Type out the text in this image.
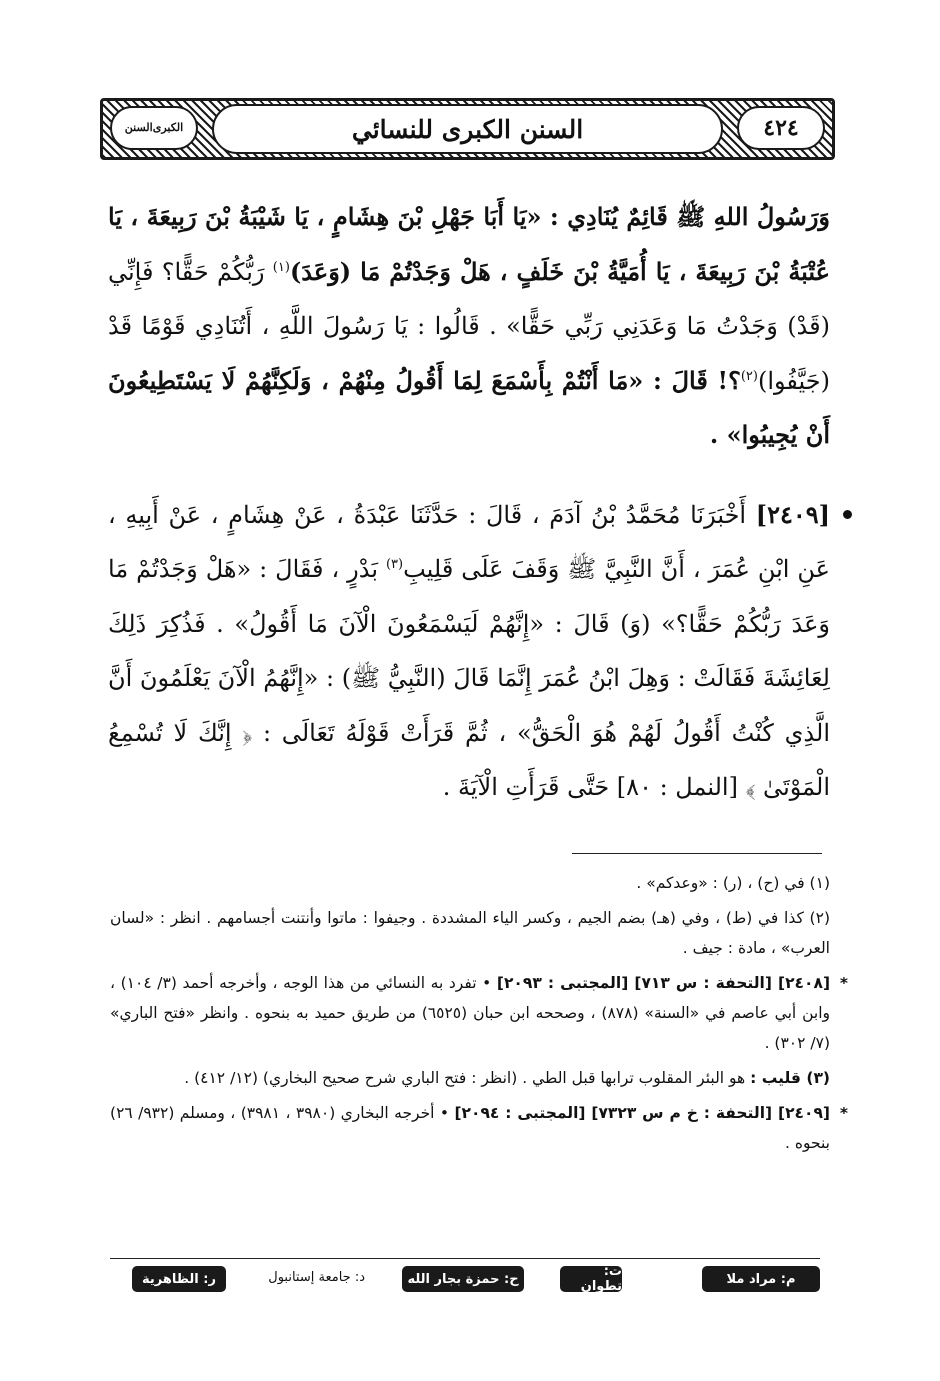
٤٢٤
السنن الكبرى للنسائي
السنن الكبرى

وَرَسُولُ اللهِ ﷺ قَائِمٌ يُنَادِي : «يَا أَبَا جَهْلِ بْنَ هِشَامٍ ، يَا شَيْبَةُ بْنَ رَبِيعَةَ ، يَا عُتْبَةُ بْنَ رَبِيعَةَ ، يَا أُمَيَّةُ بْنَ خَلَفٍ ، هَلْ وَجَدْتُمْ مَا (وَعَدَ)$^{(١)}$ رَبُّكُمْ حَقًّا؟ فَإِنِّي (قَدْ) وَجَدْتُ مَا وَعَدَنِي رَبِّي حَقًّا» . قَالُوا : يَا رَسُولَ اللَّهِ ، أَتُنَادِي قَوْمًا قَدْ (جَيَّفُوا)$^{(٢)}$؟! قَالَ : «مَا أَنْتُمْ بِأَسْمَعَ لِمَا أَقُولُ مِنْهُمْ ، وَلَكِنَّهُمْ لَا يَسْتَطِيعُونَ أَنْ يُجِيبُوا» .

[٢٤٠٩] أَخْبَرَنَا مُحَمَّدُ بْنُ آدَمَ ، قَالَ : حَدَّثَنَا عَبْدَةُ ، عَنْ هِشَامٍ ، عَنْ أَبِيهِ ، عَنِ ابْنِ عُمَرَ ، أَنَّ النَّبِيَّ ﷺ وَقَفَ عَلَى قَلِيبِ$^{(٣)}$ بَدْرٍ ، فَقَالَ : «هَلْ وَجَدْتُمْ مَا وَعَدَ رَبُّكُمْ حَقًّا؟» (وَ) قَالَ : «إِنَّهُمْ لَيَسْمَعُونَ الْآنَ مَا أَقُولُ» . فَذُكِرَ ذَلِكَ لِعَائِشَةَ فَقَالَتْ : وَهِلَ ابْنُ عُمَرَ إِنَّمَا قَالَ (النَّبِيُّ ﷺ) : «إِنَّهُمُ الْآنَ يَعْلَمُونَ أَنَّ الَّذِي كُنْتُ أَقُولُ لَهُمْ هُوَ الْحَقُّ» ، ثُمَّ قَرَأَتْ قَوْلَهُ تَعَالَى : ﴿ إِنَّكَ لَا تُسْمِعُ الْمَوْتَىٰ ﴾ [النمل : ٨٠] حَتَّى قَرَأَتِ الْآيَةَ .

(١) في (ح) ، (ر) : «وعدكم» .

(٢) كذا في (ط) ، وفي (هـ) بضم الجيم ، وكسر الياء المشددة . وجيفوا : ماتوا وأنتنت أجسامهم . انظر : «لسان العرب» ، مادة : جيف .

*
[٢٤٠٨] [التحفة : س ٧١٣] [المجتبى : ٢٠٩٣] • تفرد به النسائي من هذا الوجه ، وأخرجه أحمد (٣/ ١٠٤) ، وابن أبي عاصم في «السنة» (٨٧٨) ، وصححه ابن حبان (٦٥٢٥) من طريق حميد به بنحوه . وانظر «فتح الباري» (٧/ ٣٠٢) .

(٣) قليب : هو البئر المقلوب ترابها قبل الطي . (انظر : فتح الباري شرح صحيح البخاري) (١٢/ ٤١٢) .

*
[٢٤٠٩] [التحفة : خ م س ٧٣٢٣] [المجتبى : ٢٠٩٤] • أخرجه البخاري (٣٩٨٠ ، ٣٩٨١) ، ومسلم (٩٣٢/ ٢٦) بنحوه .

م: مراد ملا
ت: تطوان
ح: حمزة بجار الله
د: جامعة إستانبول
ر: الظاهرية
